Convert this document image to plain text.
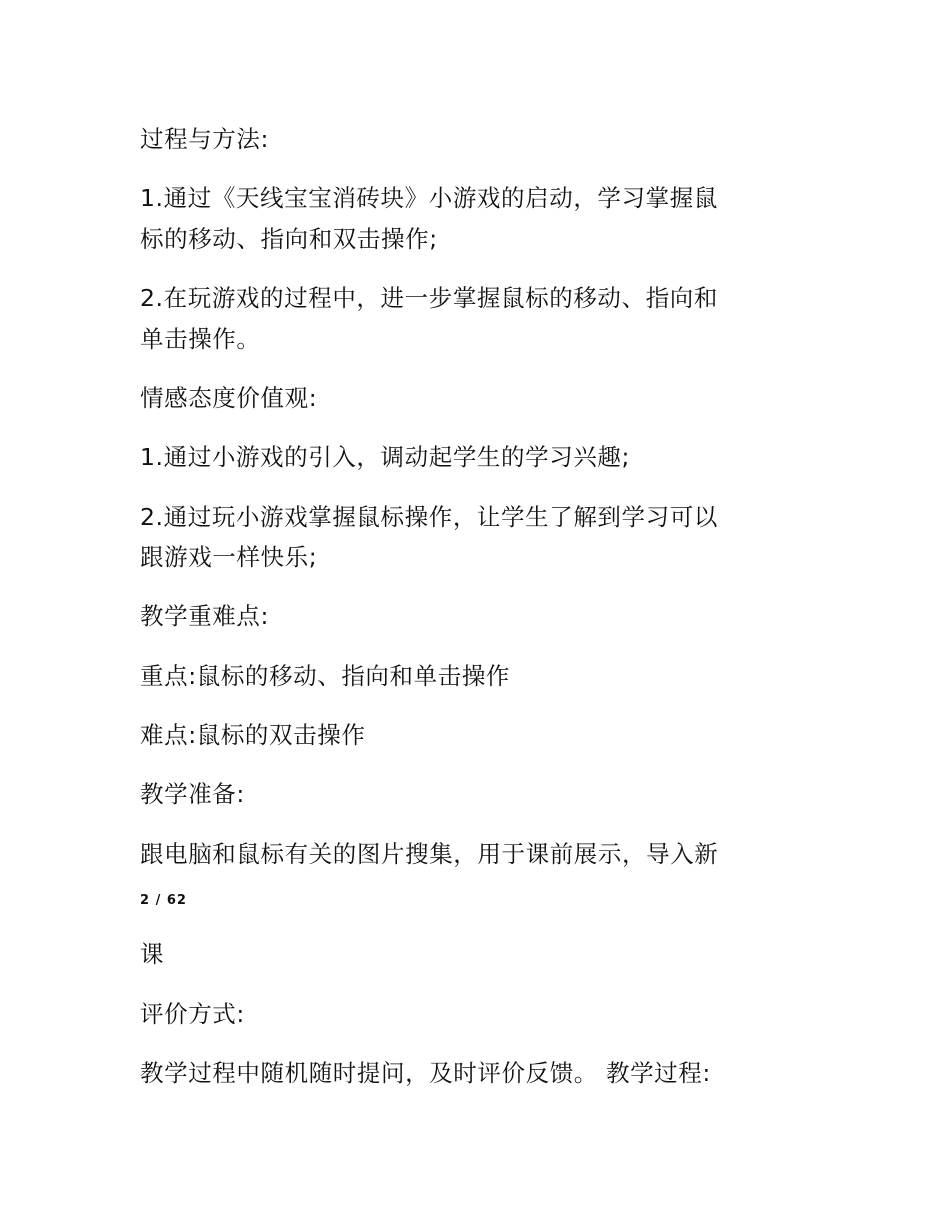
过程与方法:

1.通过《天线宝宝消砖块》小游戏的启动，学习掌握鼠

标的移动、指向和双击操作;

2.在玩游戏的过程中，进一步掌握鼠标的移动、指向和

单击操作。

情感态度价值观:

1.通过小游戏的引入，调动起学生的学习兴趣;

2.通过玩小游戏掌握鼠标操作，让学生了解到学习可以

跟游戏一样快乐;

教学重难点:

重点:鼠标的移动、指向和单击操作

难点:鼠标的双击操作

教学准备:

跟电脑和鼠标有关的图片搜集，用于课前展示，导入新

2 / 62

课

评价方式:

教学过程中随机随时提问，及时评价反馈。 教学过程:
